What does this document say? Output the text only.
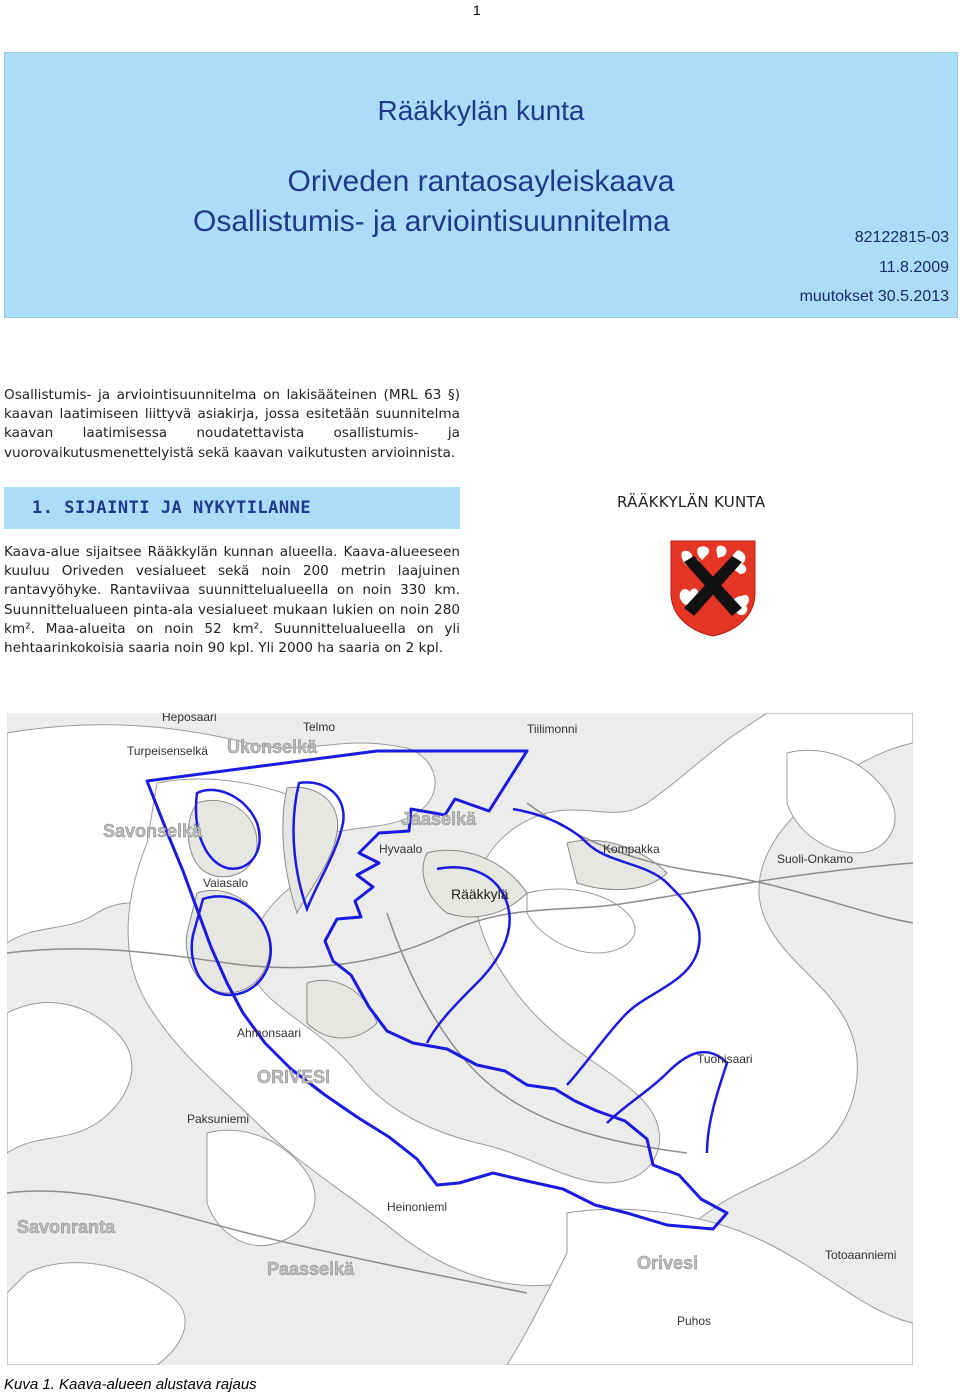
1
Rääkkylän kunta
Oriveden rantaosayleiskaava
Osallistumis- ja arviointisuunnitelma	82122815-03
11.8.2009
muutokset 30.5.2013
Osallistumis- ja arviointisuunnitelma on lakisääteinen (MRL 63 §) kaavan laatimiseen liittyvä asiakirja, jossa esitetään suunnitelma kaavan laatimisessa noudatettavista osallistumis- ja vuorovaikutusmenettelyistä sekä kaavan vaikutusten arvioinnista.
1. SIJAINTI JA NYKYTILANNE	RÄÄKKYLÄN KUNTA
Kaava-alue sijaitsee Rääkkylän kunnan alueella. Kaava-alueeseen kuuluu Oriveden vesialueet sekä noin 200 metrin laajuinen rantavyöhyke. Rantaviivaa suunnittelualueella on noin 330 km. Suunnittelualueen pinta-ala vesialueet mukaan lukien on noin 280 km². Maa-alueita on noin 52 km². Suunnittelualueella on yli hehtaarinkokoisia saaria noin 90 kpl. Yli 2000 ha saaria on 2 kpl.
Heposaari
Telmo
Turpeisenselkä Ukonselkä
Savonselkä
Tiilimonni
Jaaselkä
Hyvaalo
Rääkkylä
Vaiasalo
Kompakka
Suoli-Onkamo
Ahmonsaari
ORIVESI
Tuohisaari
Paksuniemi
Heinonieml
Savonranta
Paasselkä	Orivesi
Puhos
Totoaanniemi
Kuva 1. Kaava-alueen alustava rajaus
